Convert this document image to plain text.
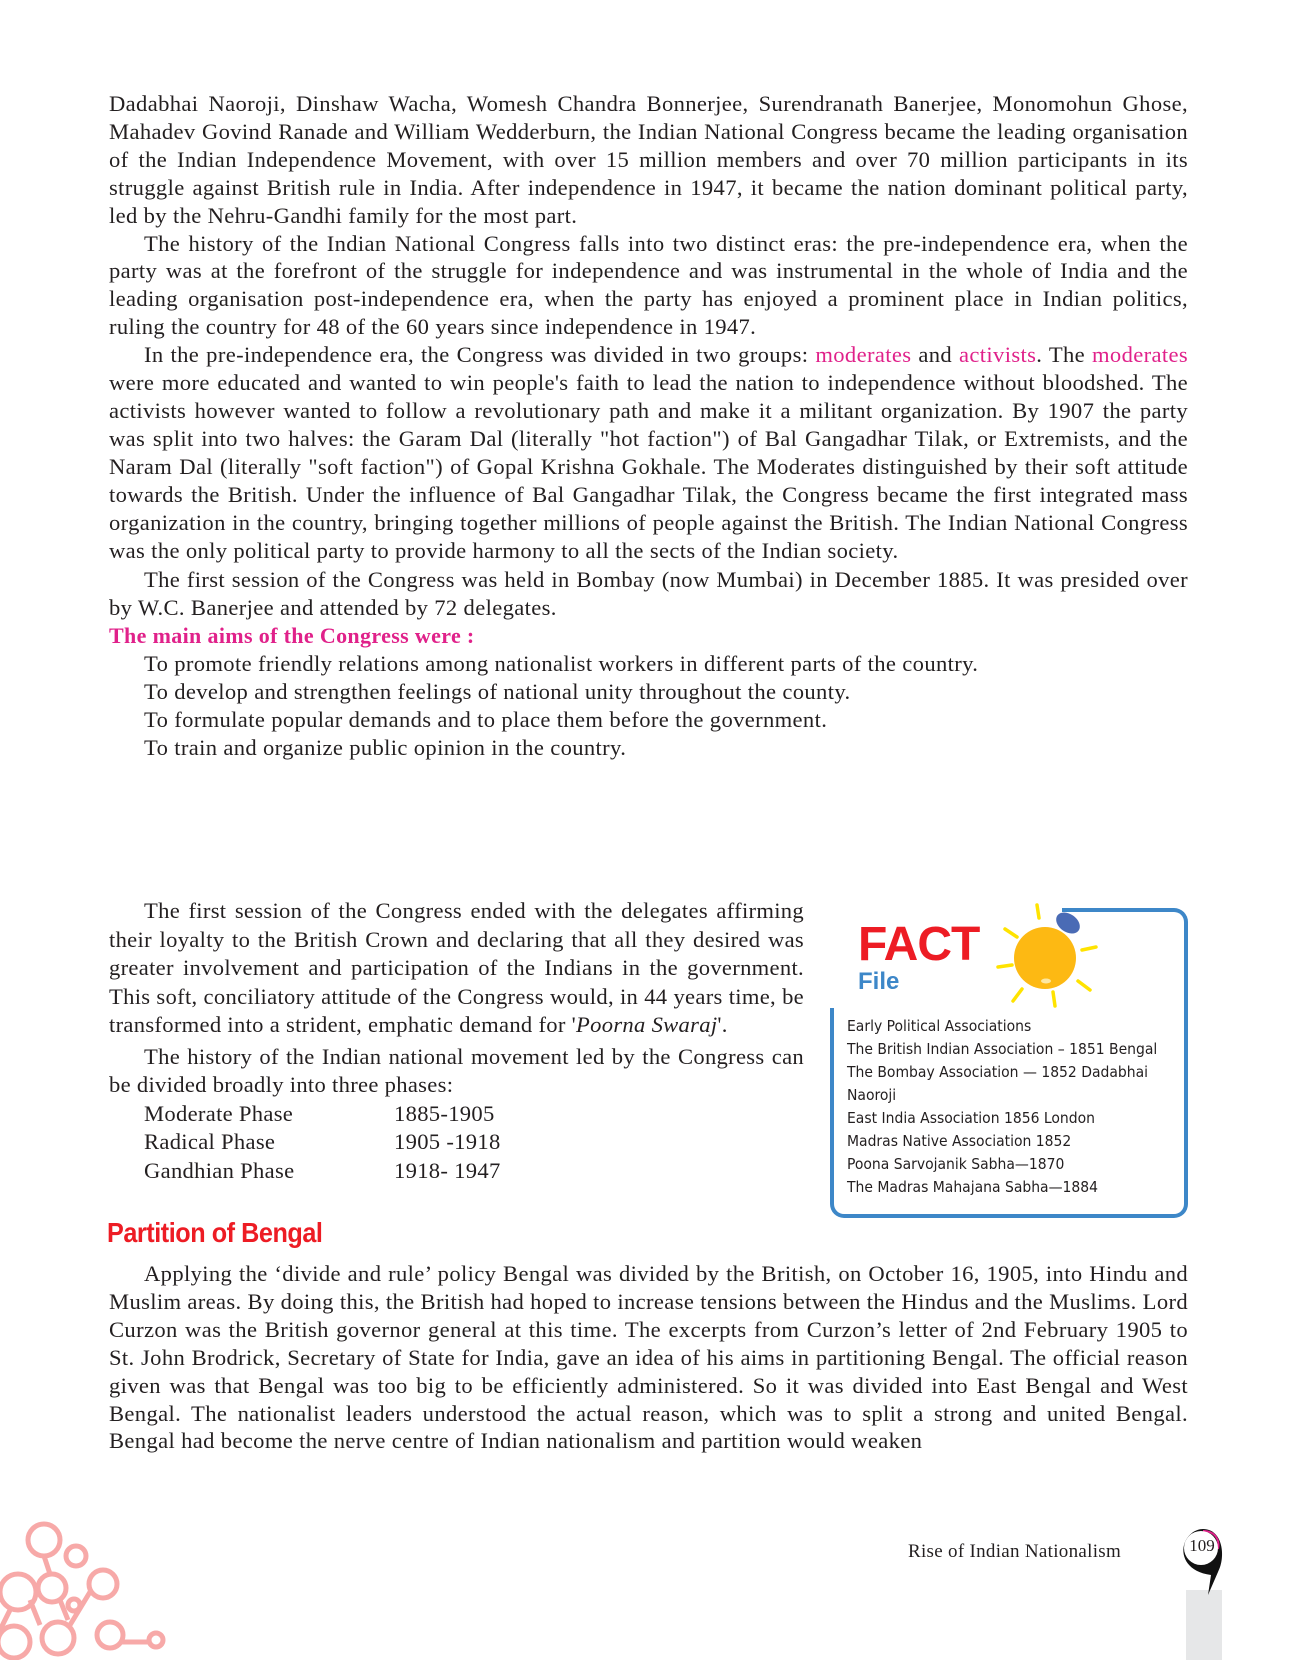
Dadabhai Naoroji, Dinshaw Wacha, Womesh Chandra Bonnerjee, Surendranath Banerjee, Monomohun Ghose, Mahadev Govind Ranade and William Wedderburn, the Indian National Congress became the leading organisation of the Indian Independence Movement, with over 15 million members and over 70 million participants in its struggle against British rule in India. After independence in 1947, it became the nation dominant political party, led by the Nehru-Gandhi family for the most part.

The history of the Indian National Congress falls into two distinct eras: the pre-independence era, when the party was at the forefront of the struggle for independence and was instrumental in the whole of India and the leading organisation post-independence era, when the party has enjoyed a prominent place in Indian politics, ruling the country for 48 of the 60 years since independence in 1947.

In the pre-independence era, the Congress was divided in two groups: moderates and activists. The moderates were more educated and wanted to win people's faith to lead the nation to independence without bloodshed. The activists however wanted to follow a revolutionary path and make it a militant organization. By 1907 the party was split into two halves: the Garam Dal (literally "hot faction") of Bal Gangadhar Tilak, or Extremists, and the Naram Dal (literally "soft faction") of Gopal Krishna Gokhale. The Moderates distinguished by their soft attitude towards the British. Under the influence of Bal Gangadhar Tilak, the Congress became the first integrated mass organization in the country, bringing together millions of people against the British. The Indian National Congress was the only political party to provide harmony to all the sects of the Indian society.

The first session of the Congress was held in Bombay (now Mumbai) in December 1885. It was presided over by W.C. Banerjee and attended by 72 delegates.

The main aims of the Congress were :

To promote friendly relations among nationalist workers in different parts of the country.

To develop and strengthen feelings of national unity throughout the county.

To formulate popular demands and to place them before the government.

To train and organize public opinion in the country.

The first session of the Congress ended with the delegates affirming their loyalty to the British Crown and declaring that all they desired was greater involvement and participation of the Indians in the government. This soft, conciliatory attitude of the Congress would, in 44 years time, be transformed into a strident, emphatic demand for 'Poorna Swaraj'.

The history of the Indian national movement led by the Congress can be divided broadly into three phases:

Moderate Phase	1885-1905
Radical Phase	1905 -1918
Gandhian Phase	1918- 1947
FACT
File
Early Political Associations
The British Indian Association – 1851 Bengal
The Bombay Association — 1852 Dadabhai Naoroji
East India Association 1856 London
Madras Native Association 1852
Poona Sarvojanik Sabha—1870
The Madras Mahajana Sabha—1884
Partition of Bengal

Applying the ‘divide and rule’ policy Bengal was divided by the British, on October 16, 1905, into Hindu and Muslim areas. By doing this, the British had hoped to increase tensions between the Hindus and the Muslims. Lord Curzon was the British governor general at this time. The excerpts from Curzon’s letter of 2nd February 1905 to St. John Brodrick, Secretary of State for India, gave an idea of his aims in partitioning Bengal. The official reason given was that Bengal was too big to be efficiently administered. So it was divided into East Bengal and West Bengal. The nationalist leaders understood the actual reason, which was to split a strong and united Bengal. Bengal had become the nerve centre of Indian nationalism and partition would weaken

Rise of Indian Nationalism	109
